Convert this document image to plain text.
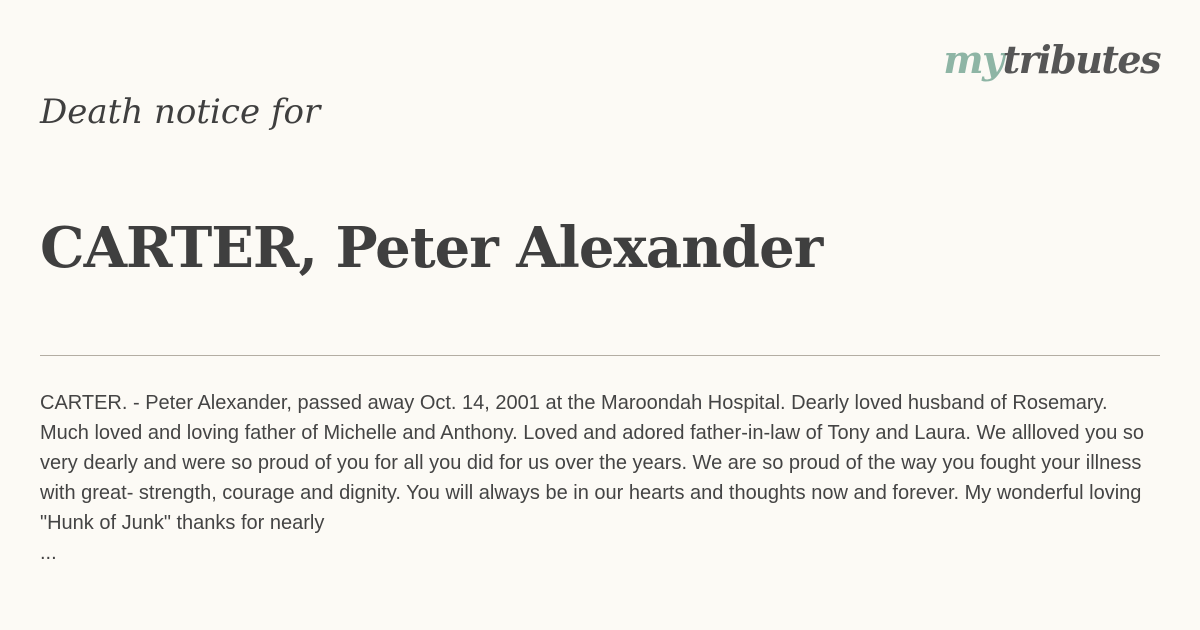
mytributes
Death notice for
CARTER, Peter Alexander

CARTER. - Peter Alexander, passed away Oct. 14, 2001 at the Maroondah Hospital. Dearly loved husband of Rosemary. Much loved and loving father of Michelle and Anthony. Loved and adored father-in-law of Tony and Laura. We allloved you so very dearly and were so proud of you for all you did for us over the years. We are so proud of the way you fought your illness with great- strength, courage and dignity. You will always be in our hearts and thoughts now and forever. My wonderful loving "Hunk of Junk" thanks for nearly

...
